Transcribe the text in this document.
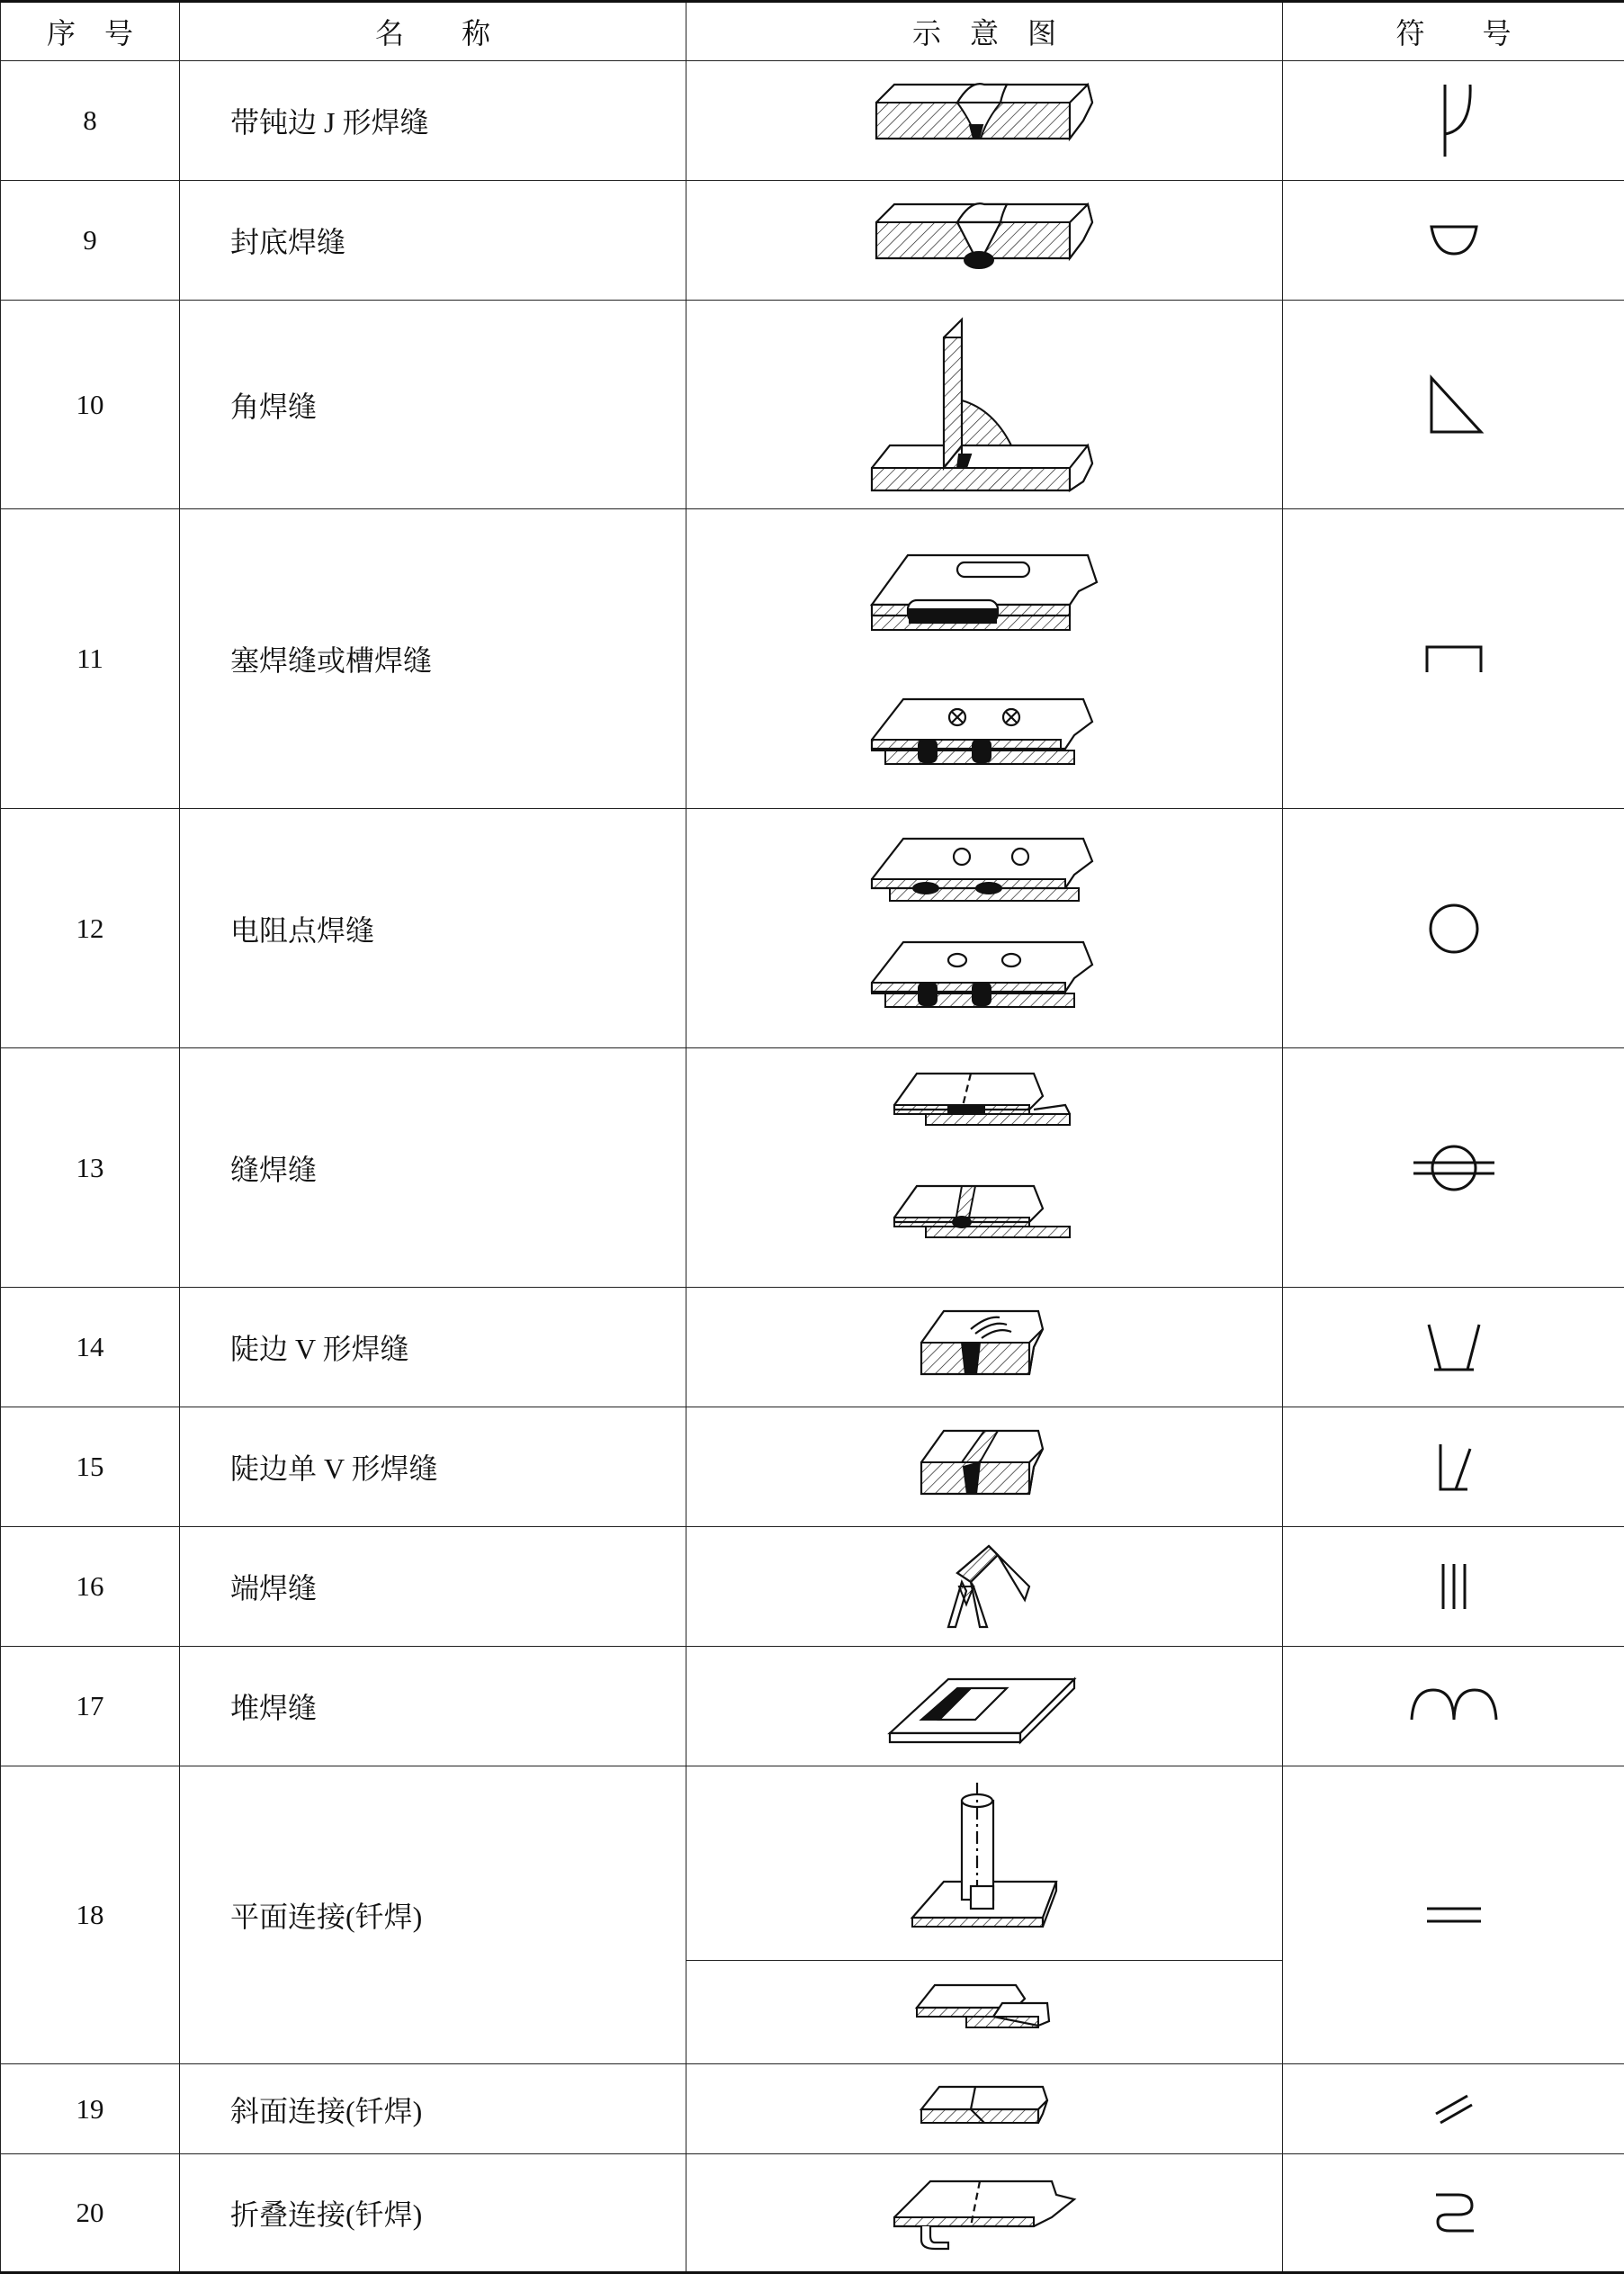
序　号	名　　称	示　意　图	符　　号
8	带钝边 J 形焊缝	

9	封底焊缝	

10	角焊缝	

11	塞焊缝或槽焊缝	

12	电阻点焊缝	

13	缝焊缝	

14	陡边 V 形焊缝	

15	陡边单 V 形焊缝	

16	端焊缝	

17	堆焊缝	

18	平面连接(钎焊)	

19	斜面连接(钎焊)	

20	折叠连接(钎焊)	
